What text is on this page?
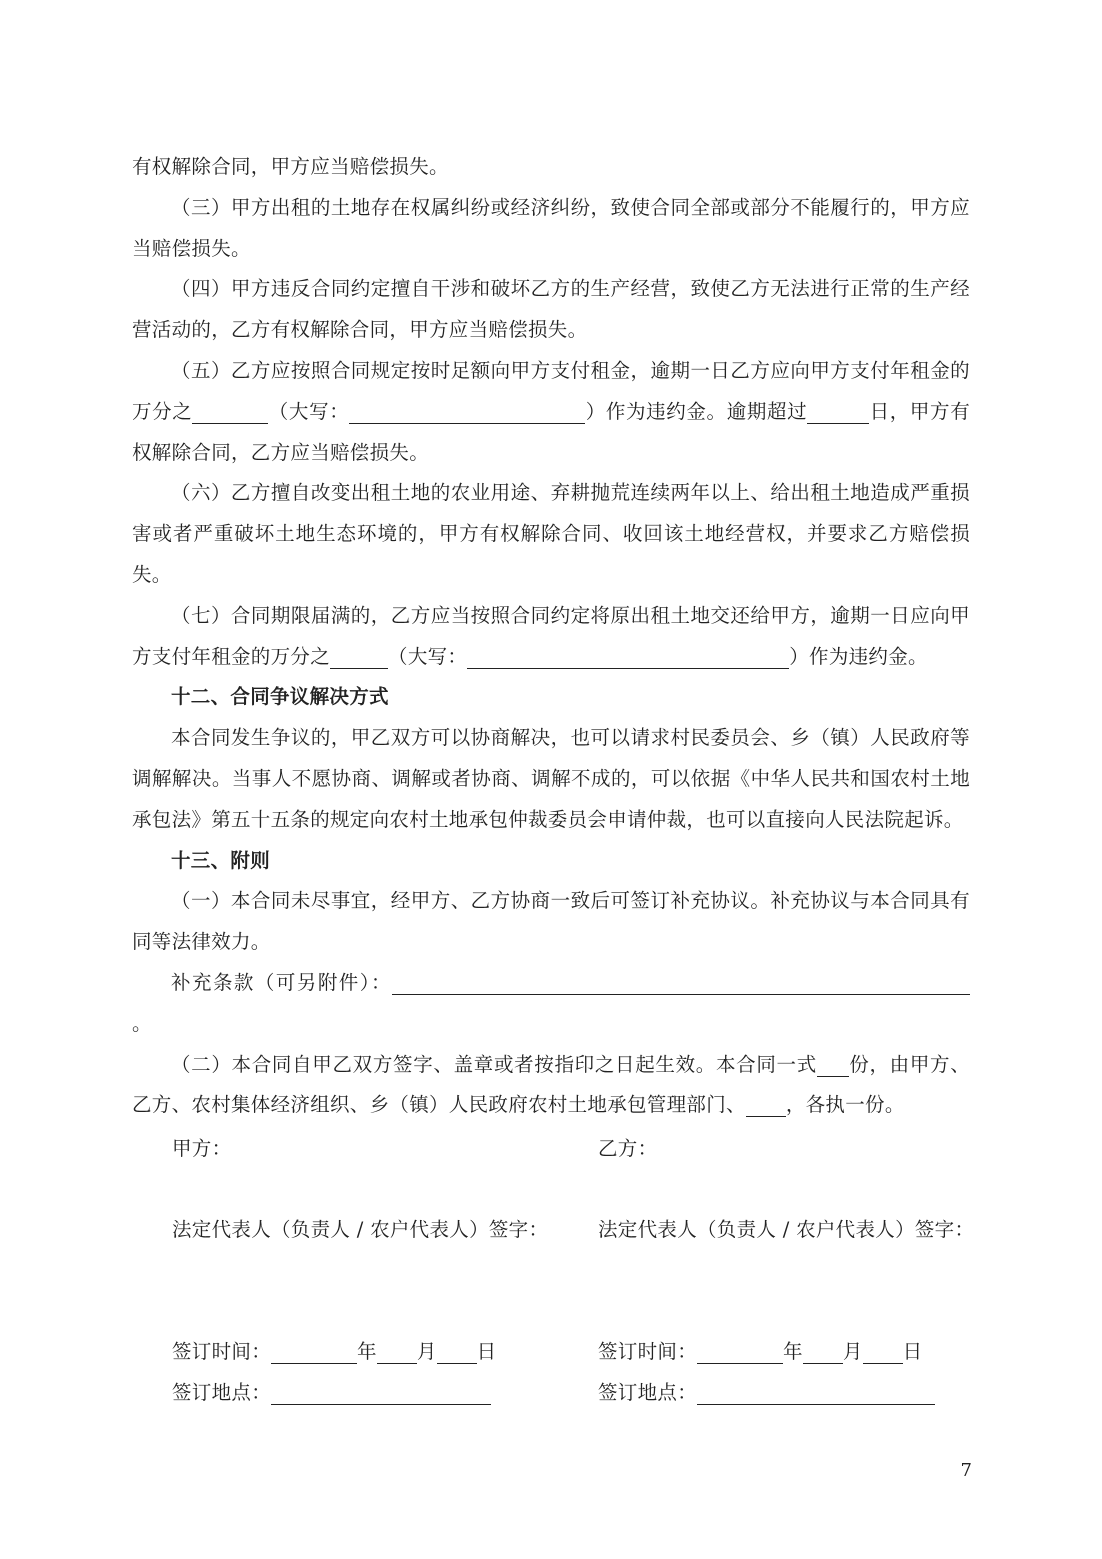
有权解除合同，甲方应当赔偿损失。

（三）甲方出租的土地存在权属纠纷或经济纠纷，致使合同全部或部分不能履行的，甲方应当赔偿损失。

（四）甲方违反合同约定擅自干涉和破坏乙方的生产经营，致使乙方无法进行正常的生产经营活动的，乙方有权解除合同，甲方应当赔偿损失。

（五）乙方应按照合同规定按时足额向甲方支付租金，逾期一日乙方应向甲方支付年租金的万分之	（大写：	）作为违约金。逾期超过	日，甲方有权解除合同，乙方应当赔偿损失。

（六）乙方擅自改变出租土地的农业用途、弃耕抛荒连续两年以上、给出租土地造成严重损害或者严重破坏土地生态环境的，甲方有权解除合同、收回该土地经营权，并要求乙方赔偿损失。

（七）合同期限届满的，乙方应当按照合同约定将原出租土地交还给甲方，逾期一日应向甲方支付年租金的万分之	（大写：	）作为违约金。

十二、合同争议解决方式

本合同发生争议的，甲乙双方可以协商解决，也可以请求村民委员会、乡（镇）人民政府等调解解决。当事人不愿协商、调解或者协商、调解不成的，可以依据《中华人民共和国农村土地承包法》第五十五条的规定向农村土地承包仲裁委员会申请仲裁，也可以直接向人民法院起诉。

十三、附则

（一）本合同未尽事宜，经甲方、乙方协商一致后可签订补充协议。补充协议与本合同具有同等法律效力。

补充条款（可另附件）：。

（二）本合同自甲乙双方签字、盖章或者按指印之日起生效。本合同一式 份，由甲方、乙方、农村集体经济组织、乡（镇）人民政府农村土地承包管理部门、 ，各执一份。

甲方：	乙方：
法定代表人（负责人 / 农户代表人）签字：	法定代表人（负责人 / 农户代表人）签字：
签订时间：	年 月 日	签订时间：	年 月 日
签订地点：	签订地点：
7
